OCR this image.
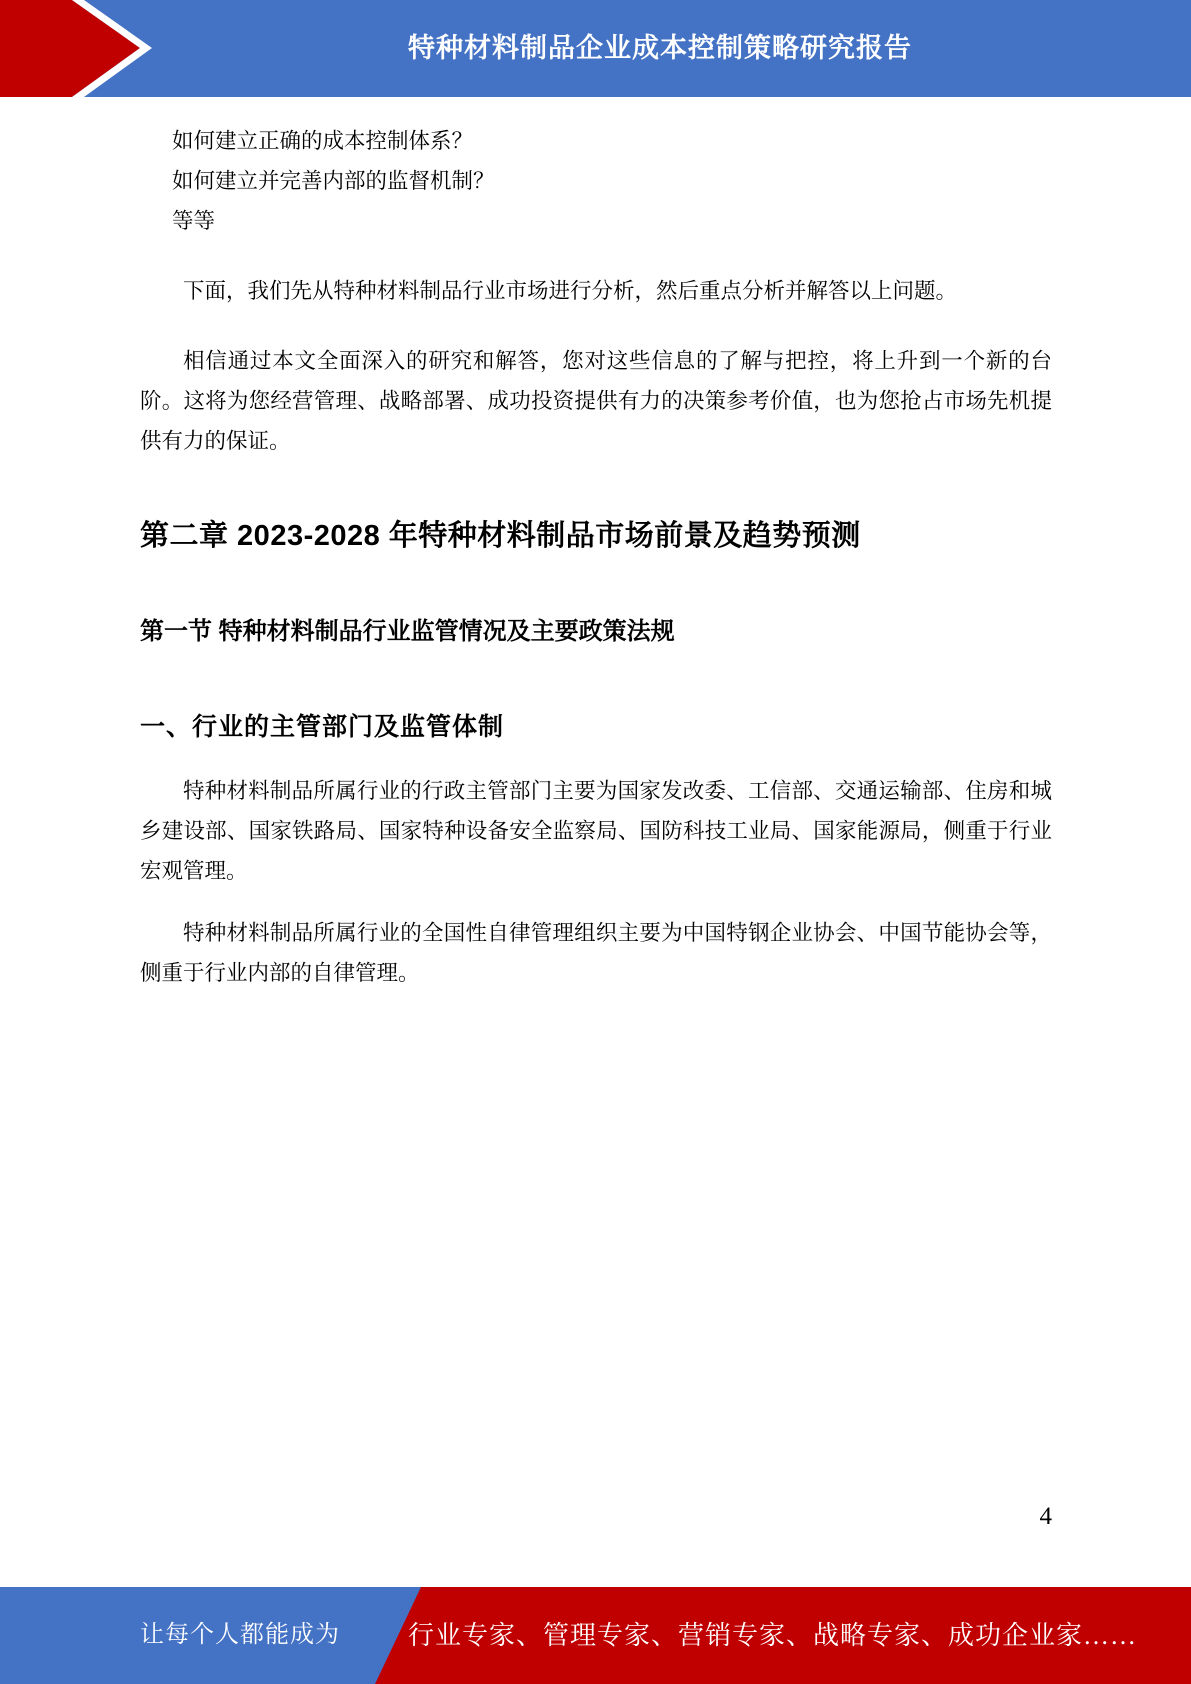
特种材料制品企业成本控制策略研究报告

如何建立正确的成本控制体系？

如何建立并完善内部的监督机制？

等等

下面，我们先从特种材料制品行业市场进行分析，然后重点分析并解答以上问题。

相信通过本文全面深入的研究和解答，您对这些信息的了解与把控，将上升到一个新的台阶。这将为您经营管理、战略部署、成功投资提供有力的决策参考价值，也为您抢占市场先机提供有力的保证。

第二章 2023-2028 年特种材料制品市场前景及趋势预测
第一节 特种材料制品行业监管情况及主要政策法规
一、行业的主管部门及监管体制

特种材料制品所属行业的行政主管部门主要为国家发改委、工信部、交通运输部、住房和城乡建设部、国家铁路局、国家特种设备安全监察局、国防科技工业局、国家能源局，侧重于行业宏观管理。

特种材料制品所属行业的全国性自律管理组织主要为中国特钢企业协会、中国节能协会等，侧重于行业内部的自律管理。

4
让每个人都能成为	行业专家、管理专家、营销专家、战略专家、成功企业家……
